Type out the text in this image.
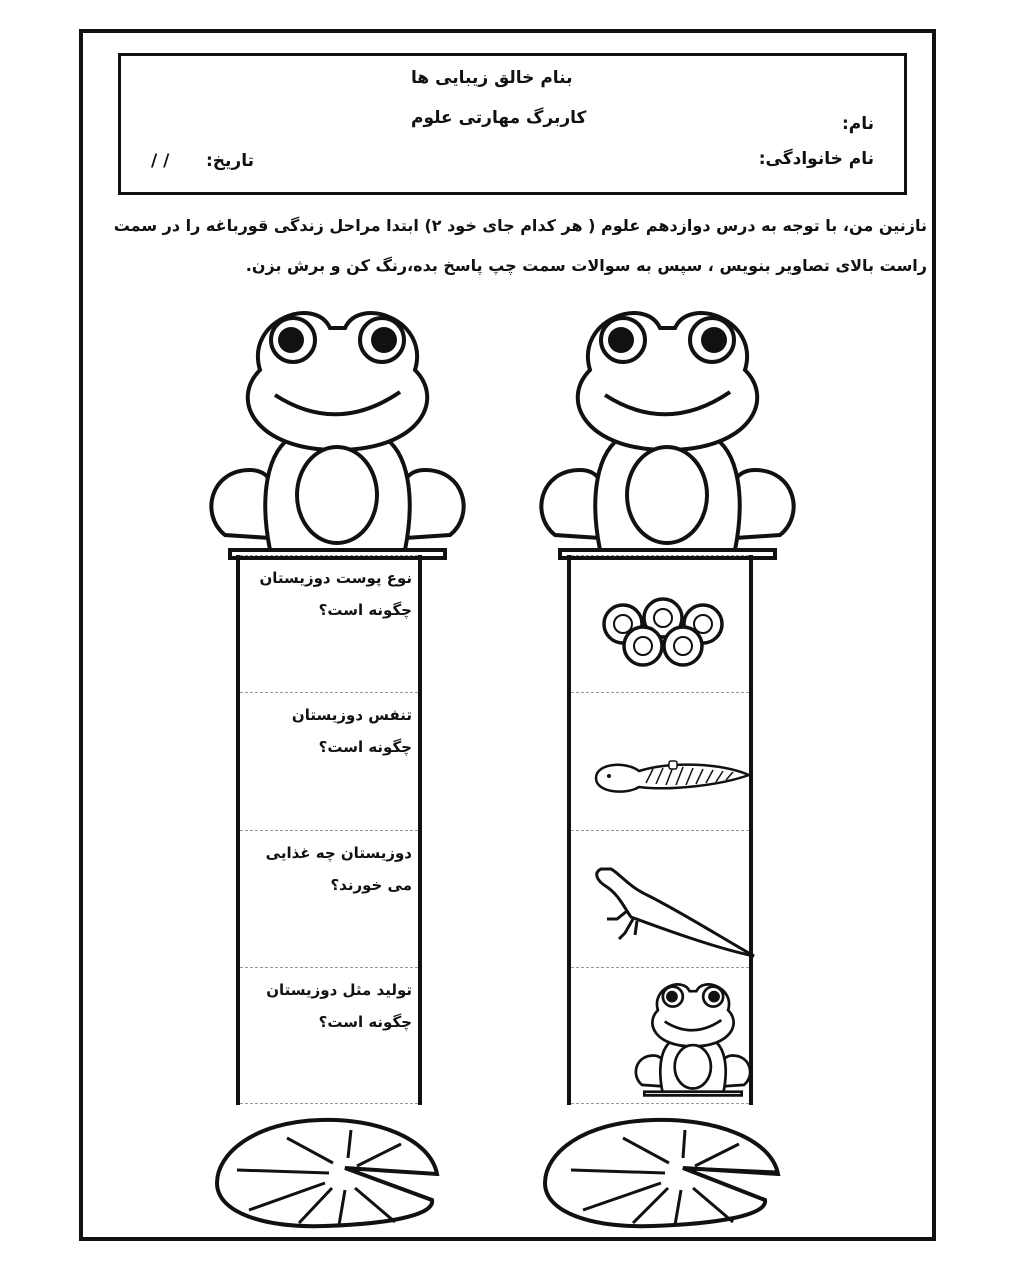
بنام خالق زیبایی ها
کاربرگ مهارتی علوم	نام:
نام خانوادگی:
تاریخ:
/ /
نازنین من، با توجه به درس دوازدهم علوم ( هر کدام جای خود ۲) ابتدا مراحل زندگی قورباغه را در سمت
راست بالای تصاویر بنویس ، سپس به سوالات سمت چپ پاسخ بده،رنگ کن و برش بزن.
نوع پوست دوزیستان چگونه است؟
تنفس دوزیستان چگونه است؟
دوزیستان چه غذایی می خورند؟
تولید مثل دوزیستان چگونه است؟
